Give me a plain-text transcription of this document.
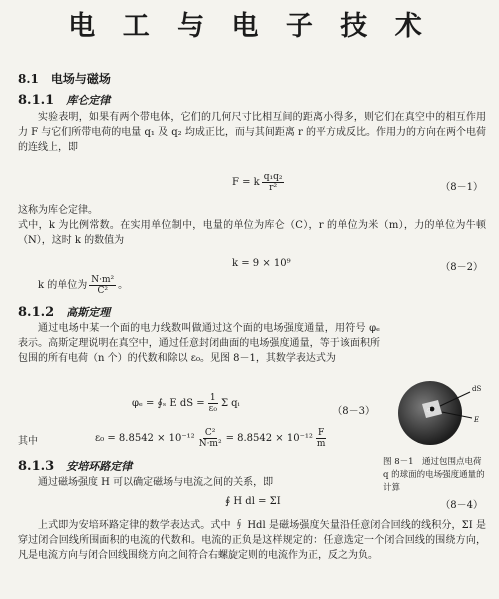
电 工 与 电 子 技 术
8.1　电场与磁场
8.1.1 库仑定律
实验表明，如果有两个带电体，它们的几何尺寸比相互间的距离小得多，则它们在真空中的相互作用力 F 与它们所带电荷的电量 q₁ 及 q₂ 均成正比，而与其间距离 r 的平方成反比。作用力的方向在两个电荷的连线上，即
F = k $\frac{\text{q₁q₂}}{\text{r²}}$	（8－1）
这称为库仑定律。
式中，k 为比例常数。在实用单位制中，电量的单位为库仑（C），r 的单位为米（m），力的单位为牛顿（N），这时 k 的数值为
k = 9 × 10⁹	（8－2）
k 的单位为 $\frac{\text{N·m²}}{\text{C²}}$ 。
8.1.2 高斯定理
通过电场中某一个面的电力线数叫做通过这个面的电场强度通量，用符号 φₑ 表示。高斯定理说明在真空中，通过任意封闭曲面的电场强度通量，等于该面积所包围的所有电荷（n 个）的代数和除以 ε₀。见图 8－1，其数学表达式为
φₑ = ∮ₛ E dS = $\frac{1}{\text{ε₀}}$ Σ qᵢ
（8－3）
其中	$\varepsilon_0 = 8.8542 \times 10^{-12} \frac{\text{C²}}{\text{N·m²}} = 8.8542 \times 10^{-12} \frac{F}{m}$
dS
E
q
图 8－1　通过包围点电荷 q 的球面的电场强度通量的计算
8.1.3 安培环路定律
通过磁场强度 H 可以确定磁场与电流之间的关系，即
∮ H dl = ΣI	（8－4）
上式即为安培环路定律的数学表达式。式中 ∮ Hdl 是磁场强度矢量沿任意闭合回线的线积分，ΣI 是穿过闭合回线所围面积的电流的代数和。电流的正负是这样规定的：任意选定一个闭合回线的围绕方向，凡是电流方向与闭合回线围绕方向之间符合右螺旋定则的电流作为正，反之为负。
